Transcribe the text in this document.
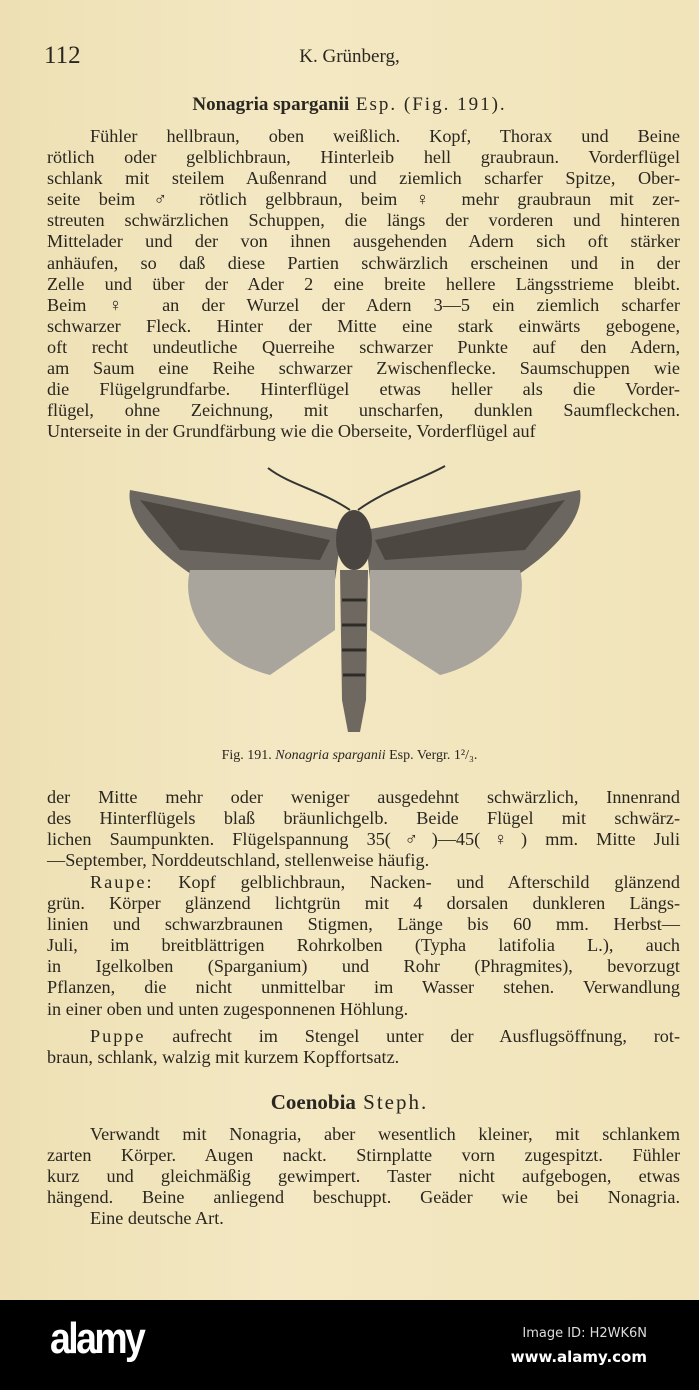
112	K. Grünberg,
Nonagria sparganii Esp. (Fig. 191).
Fühler hellbraun, oben weißlich. Kopf, Thorax und Beine
rötlich oder gelblichbraun, Hinterleib hell graubraun. Vorderflügel
schlank mit steilem Außenrand und ziemlich scharfer Spitze, Ober-
seite beim ♂ rötlich gelbbraun, beim ♀ mehr graubraun mit zer-
streuten schwärzlichen Schuppen, die längs der vorderen und hinteren
Mittelader und der von ihnen ausgehenden Adern sich oft stärker
anhäufen, so daß diese Partien schwärzlich erscheinen und in der
Zelle und über der Ader 2 eine breite hellere Längsstrieme bleibt.
Beim ♀ an der Wurzel der Adern 3—5 ein ziemlich scharfer
schwarzer Fleck. Hinter der Mitte eine stark einwärts gebogene,
oft recht undeutliche Querreihe schwarzer Punkte auf den Adern,
am Saum eine Reihe schwarzer Zwischenflecke. Saumschuppen wie
die Flügelgrundfarbe. Hinterflügel etwas heller als die Vorder-
flügel, ohne Zeichnung, mit unscharfen, dunklen Saumfleckchen.
Unterseite in der Grundfärbung wie die Oberseite, Vorderflügel auf
Fig. 191. Nonagria sparganii Esp. Vergr. 1²/₃.
der Mitte mehr oder weniger ausgedehnt schwärzlich, Innenrand
des Hinterflügels blaß bräunlichgelb. Beide Flügel mit schwärz-
lichen Saumpunkten. Flügelspannung 35(♂)—45(♀) mm. Mitte Juli
—September, Norddeutschland, stellenweise häufig.
Raupe: Kopf gelblichbraun, Nacken- und Afterschild glänzend
grün. Körper glänzend lichtgrün mit 4 dorsalen dunkleren Längs-
linien und schwarzbraunen Stigmen, Länge bis 60 mm. Herbst—
Juli, im breitblättrigen Rohrkolben (Typha latifolia L.), auch
in Igelkolben (Sparganium) und Rohr (Phragmites), bevorzugt
Pflanzen, die nicht unmittelbar im Wasser stehen. Verwandlung
in einer oben und unten zugesponnenen Höhlung.
Puppe aufrecht im Stengel unter der Ausflugsöffnung, rot-
braun, schlank, walzig mit kurzem Kopffortsatz.
Coenobia Steph.
Verwandt mit Nonagria, aber wesentlich kleiner, mit schlankem
zarten Körper. Augen nackt. Stirnplatte vorn zugespitzt. Fühler
kurz und gleichmäßig gewimpert. Taster nicht aufgebogen, etwas
hängend. Beine anliegend beschuppt. Geäder wie bei Nonagria.
Eine deutsche Art.
alamy	Image ID: H2WK6N
www.alamy.com
